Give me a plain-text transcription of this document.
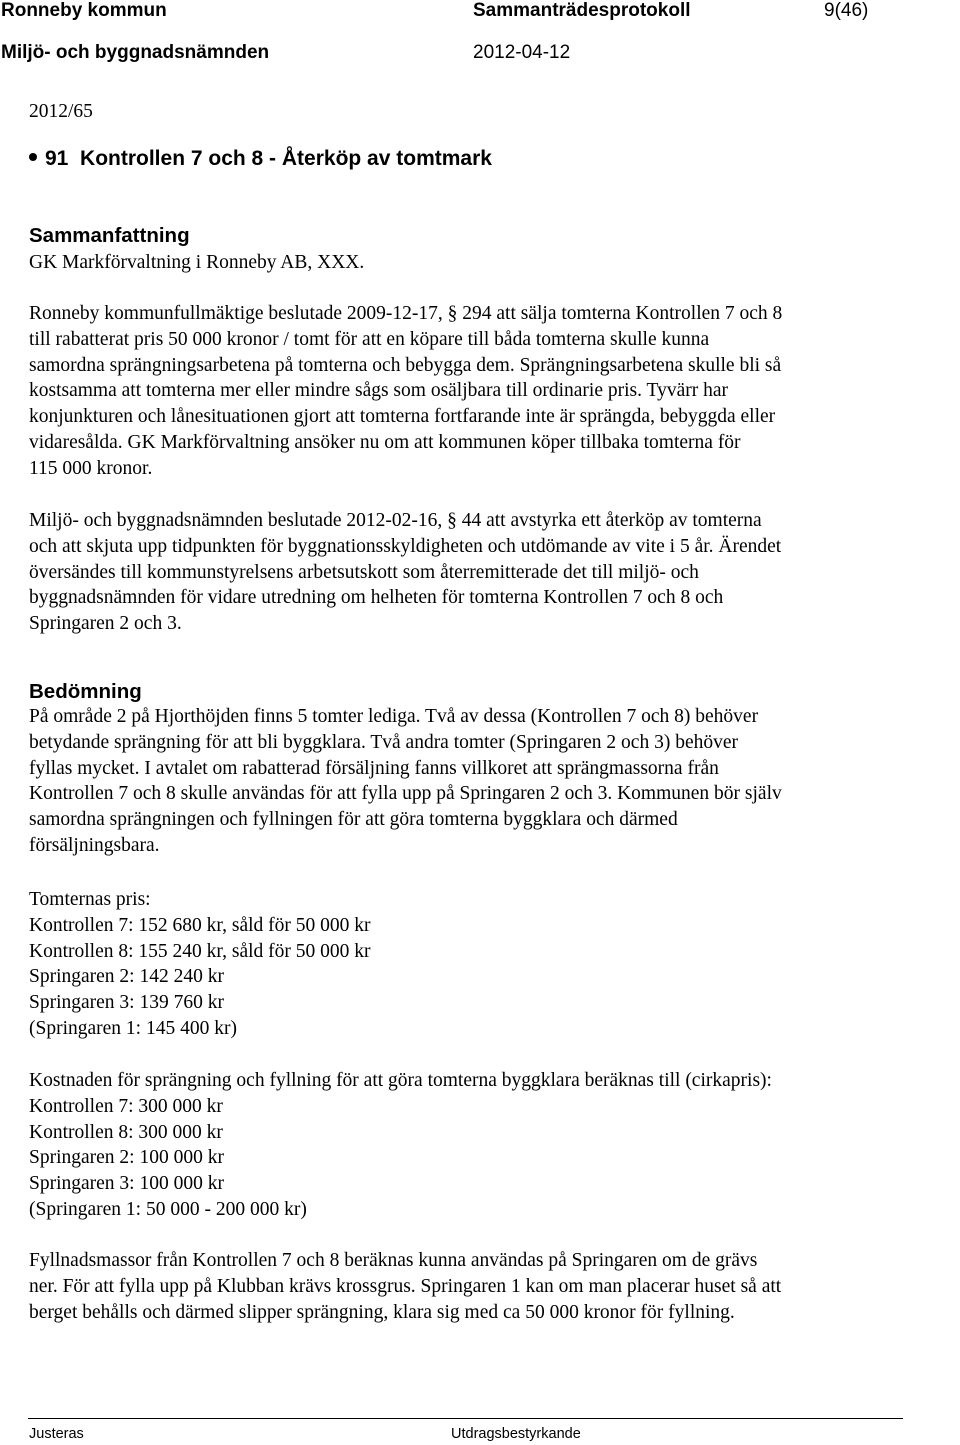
Ronneby kommun	Sammanträdesprotokoll	9(46)
Miljö- och byggnadsnämnden	2012-04-12
2012/65
91 Kontrollen 7 och 8 - Återköp av tomtmark
Sammanfattning
GK Markförvaltning i Ronneby AB, XXX.
Ronneby kommunfullmäktige beslutade 2009-12-17, § 294 att sälja tomterna Kontrollen 7 och 8
till rabatterat pris 50 000 kronor / tomt för att en köpare till båda tomterna skulle kunna
samordna sprängningsarbetena på tomterna och bebygga dem. Sprängningsarbetena skulle bli så
kostsamma att tomterna mer eller mindre sågs som osäljbara till ordinarie pris. Tyvärr har
konjunkturen och lånesituationen gjort att tomterna fortfarande inte är sprängda, bebyggda eller
vidaresålda. GK Markförvaltning ansöker nu om att kommunen köper tillbaka tomterna för
115 000 kronor.
Miljö- och byggnadsnämnden beslutade 2012-02-16, § 44 att avstyrka ett återköp av tomterna
och att skjuta upp tidpunkten för byggnationsskyldigheten och utdömande av vite i 5 år. Ärendet
översändes till kommunstyrelsens arbetsutskott som återremitterade det till miljö- och
byggnadsnämnden för vidare utredning om helheten för tomterna Kontrollen 7 och 8 och
Springaren 2 och 3.
Bedömning
På område 2 på Hjorthöjden finns 5 tomter lediga. Två av dessa (Kontrollen 7 och 8) behöver
betydande sprängning för att bli byggklara. Två andra tomter (Springaren 2 och 3) behöver
fyllas mycket. I avtalet om rabatterad försäljning fanns villkoret att sprängmassorna från
Kontrollen 7 och 8 skulle användas för att fylla upp på Springaren 2 och 3. Kommunen bör själv
samordna sprängningen och fyllningen för att göra tomterna byggklara och därmed
försäljningsbara.
Tomternas pris:
Kontrollen 7: 152 680 kr, såld för 50 000 kr
Kontrollen 8: 155 240 kr, såld för 50 000 kr
Springaren 2: 142 240 kr
Springaren 3: 139 760 kr
(Springaren 1: 145 400 kr)
Kostnaden för sprängning och fyllning för att göra tomterna byggklara beräknas till (cirkapris):
Kontrollen 7: 300 000 kr
Kontrollen 8: 300 000 kr
Springaren 2: 100 000 kr
Springaren 3: 100 000 kr
(Springaren 1: 50 000 - 200 000 kr)
Fyllnadsmassor från Kontrollen 7 och 8 beräknas kunna användas på Springaren om de grävs
ner. För att fylla upp på Klubban krävs krossgrus. Springaren 1 kan om man placerar huset så att
berget behålls och därmed slipper sprängning, klara sig med ca 50 000 kronor för fyllning.
Justeras	Utdragsbestyrkande
